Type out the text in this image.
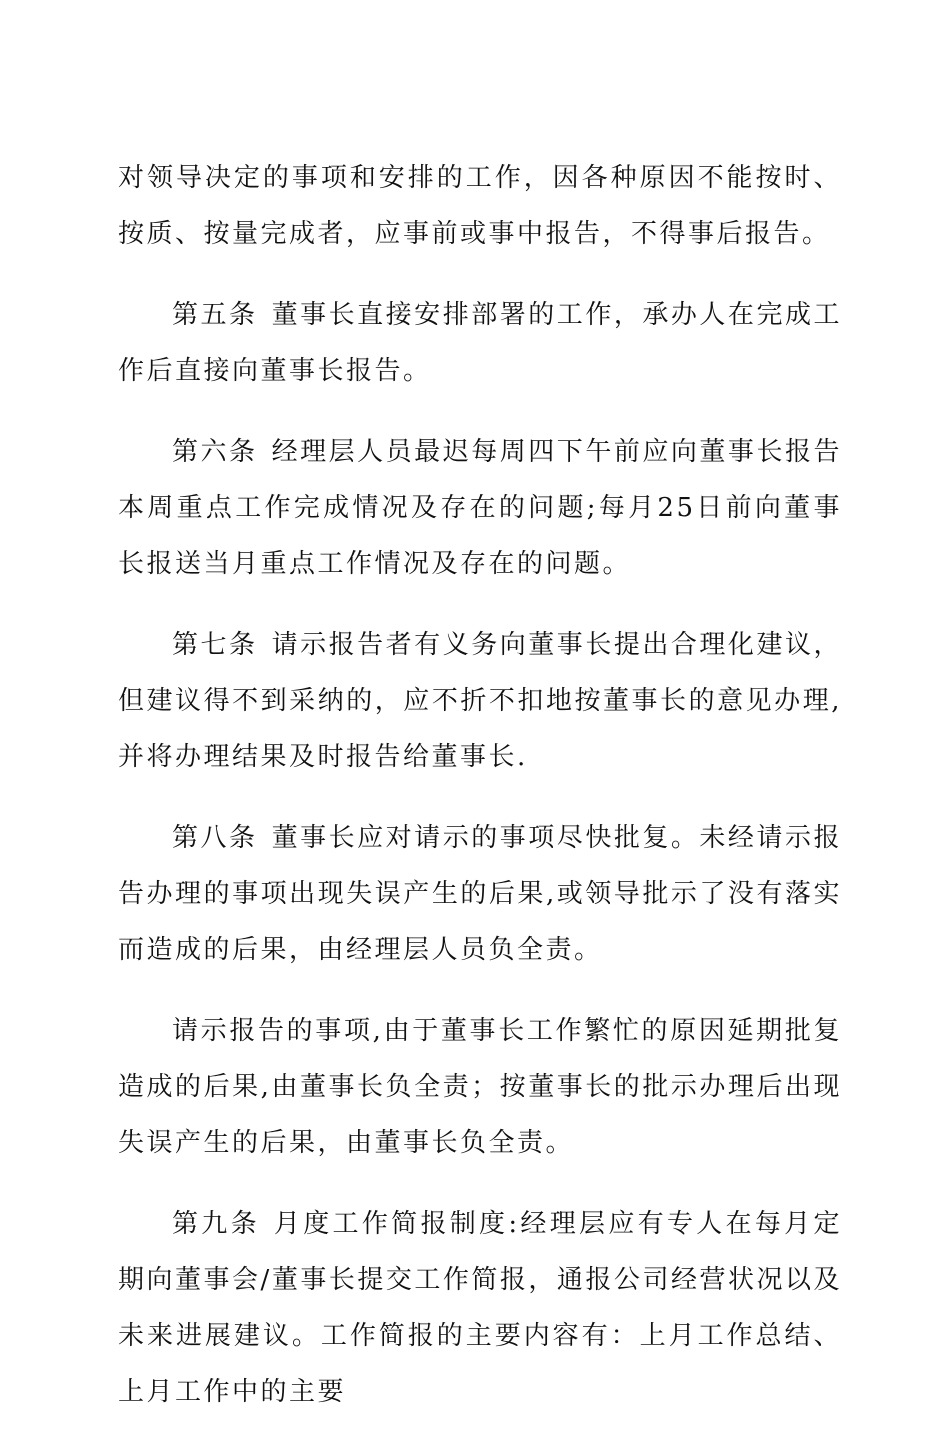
对领导决定的事项和安排的工作，因各种原因不能按时、按质、按量完成者，应事前或事中报告，不得事后报告。

第五条 董事长直接安排部署的工作，承办人在完成工作后直接向董事长报告。

第六条 经理层人员最迟每周四下午前应向董事长报告本周重点工作完成情况及存在的问题;每月25日前向董事长报送当月重点工作情况及存在的问题。

第七条 请示报告者有义务向董事长提出合理化建议，但建议得不到采纳的，应不折不扣地按董事长的意见办理,并将办理结果及时报告给董事长.

第八条 董事长应对请示的事项尽快批复。未经请示报告办理的事项出现失误产生的后果,或领导批示了没有落实而造成的后果，由经理层人员负全责。

请示报告的事项,由于董事长工作繁忙的原因延期批复造成的后果,由董事长负全责；按董事长的批示办理后出现失误产生的后果，由董事长负全责。

第九条 月度工作简报制度:经理层应有专人在每月定期向董事会/董事长提交工作简报，通报公司经营状况以及未来进展建议。工作简报的主要内容有：上月工作总结、上月工作中的主要
